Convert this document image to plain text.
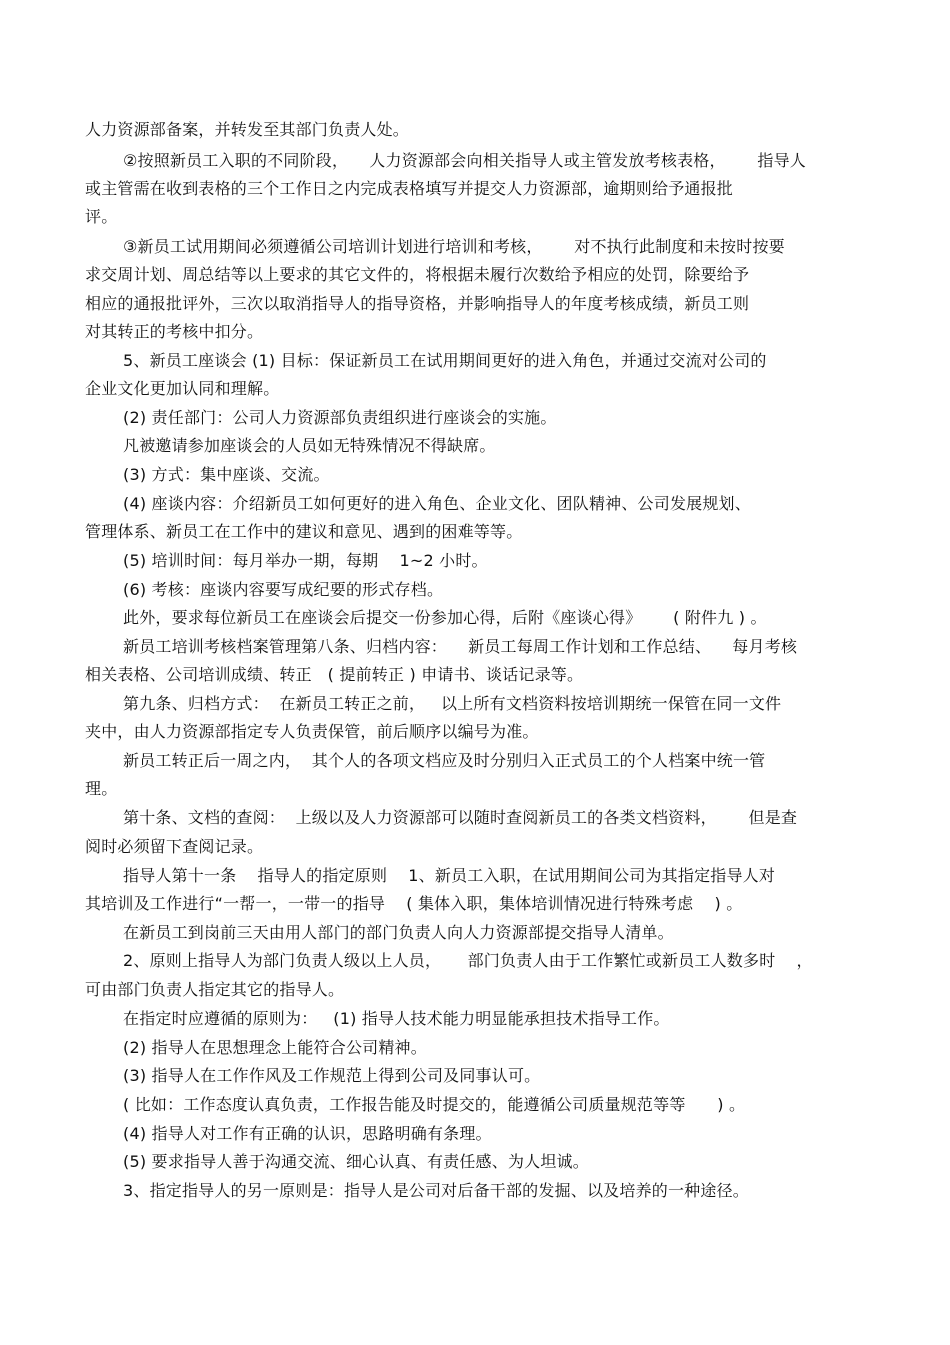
人力资源部备案，并转发至其部门负责人处。
②按照新员工入职的不同阶段，    人力资源部会向相关指导人或主管发放考核表格，      指导人
或主管需在收到表格的三个工作日之内完成表格填写并提交人力资源部，逾期则给予通报批
评。
③新员工试用期间必须遵循公司培训计划进行培训和考核，      对不执行此制度和未按时按要
求交周计划、周总结等以上要求的其它文件的，将根据未履行次数给予相应的处罚，除要给予
相应的通报批评外，三次以取消指导人的指导资格，并影响指导人的年度考核成绩，新员工则
对其转正的考核中扣分。
5、新员工座谈会 (1) 目标：保证新员工在试用期间更好的进入角色，并通过交流对公司的
企业文化更加认同和理解。
(2) 责任部门：公司人力资源部负责组织进行座谈会的实施。
凡被邀请参加座谈会的人员如无特殊情况不得缺席。
(3) 方式：集中座谈、交流。
(4) 座谈内容：介绍新员工如何更好的进入角色、企业文化、团队精神、公司发展规划、
管理体系、新员工在工作中的建议和意见、遇到的困难等等。
(5) 培训时间：每月举办一期，每期    1~2 小时。
(6) 考核：座谈内容要写成纪要的形式存档。
此外，要求每位新员工在座谈会后提交一份参加心得，后附《座谈心得》      ( 附件九 ) 。
新员工培训考核档案管理第八条、归档内容：    新员工每周工作计划和工作总结、    每月考核
相关表格、公司培训成绩、转正   ( 提前转正 ) 申请书、谈话记录等。
第九条、归档方式：  在新员工转正之前，   以上所有文档资料按培训期统一保管在同一文件
夹中，由人力资源部指定专人负责保管，前后顺序以编号为准。
新员工转正后一周之内，  其个人的各项文档应及时分别归入正式员工的个人档案中统一管
理。
第十条、文档的查阅：  上级以及人力资源部可以随时查阅新员工的各类文档资料，      但是查
阅时必须留下查阅记录。
指导人第十一条    指导人的指定原则    1、新员工入职，在试用期间公司为其指定指导人对
其培训及工作进行“一帮一，一带一的指导    ( 集体入职，集体培训情况进行特殊考虑    ) 。
在新员工到岗前三天由用人部门的部门负责人向人力资源部提交指导人清单。
2、原则上指导人为部门负责人级以上人员，     部门负责人由于工作繁忙或新员工人数多时    ，
可由部门负责人指定其它的指导人。
在指定时应遵循的原则为：   (1) 指导人技术能力明显能承担技术指导工作。
(2) 指导人在思想理念上能符合公司精神。
(3) 指导人在工作作风及工作规范上得到公司及同事认可。
( 比如：工作态度认真负责，工作报告能及时提交的，能遵循公司质量规范等等      ) 。
(4) 指导人对工作有正确的认识，思路明确有条理。
(5) 要求指导人善于沟通交流、细心认真、有责任感、为人坦诚。
3、指定指导人的另一原则是：指导人是公司对后备干部的发掘、以及培养的一种途径。
